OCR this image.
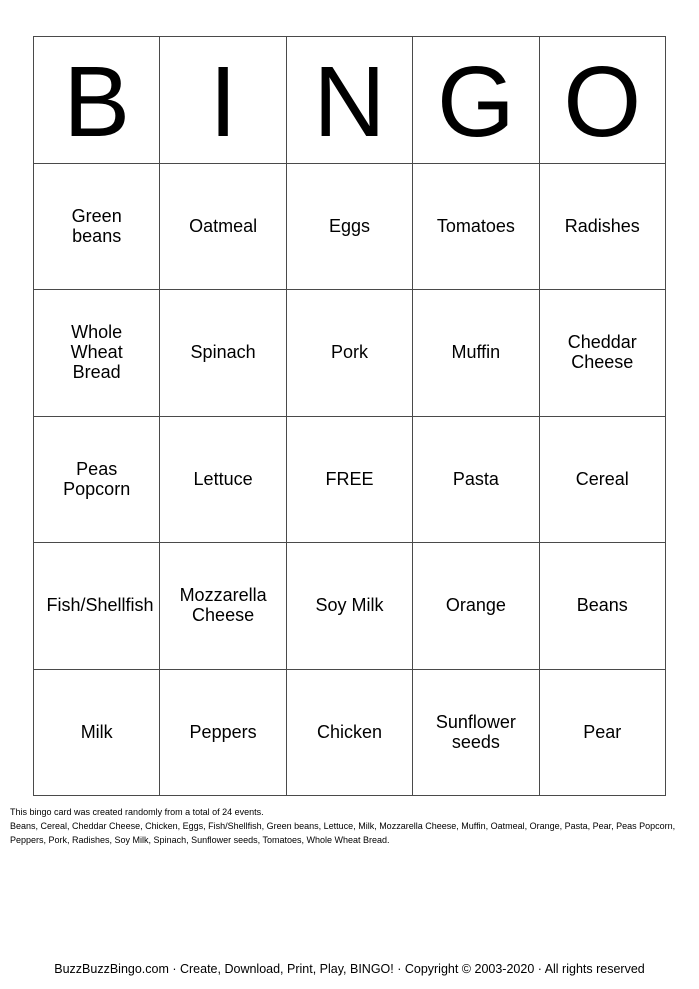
B	I	N	G	O
Green beans	Oatmeal	Eggs	Tomatoes	Radishes
Whole Wheat Bread	Spinach	Pork	Muffin	Cheddar Cheese
Peas Popcorn	Lettuce	FREE	Pasta	Cereal
Fish/Shellfish	Mozzarella Cheese	Soy Milk	Orange	Beans
Milk	Peppers	Chicken	Sunflower seeds	Pear
This bingo card was created randomly from a total of 24 events.
Beans, Cereal, Cheddar Cheese, Chicken, Eggs, Fish/Shellfish, Green beans, Lettuce, Milk, Mozzarella Cheese, Muffin, Oatmeal, Orange, Pasta, Pear, Peas Popcorn, Peppers, Pork, Radishes, Soy Milk, Spinach, Sunflower seeds, Tomatoes, Whole Wheat Bread.
BuzzBuzzBingo.com · Create, Download, Print, Play, BINGO! · Copyright © 2003-2020 · All rights reserved
